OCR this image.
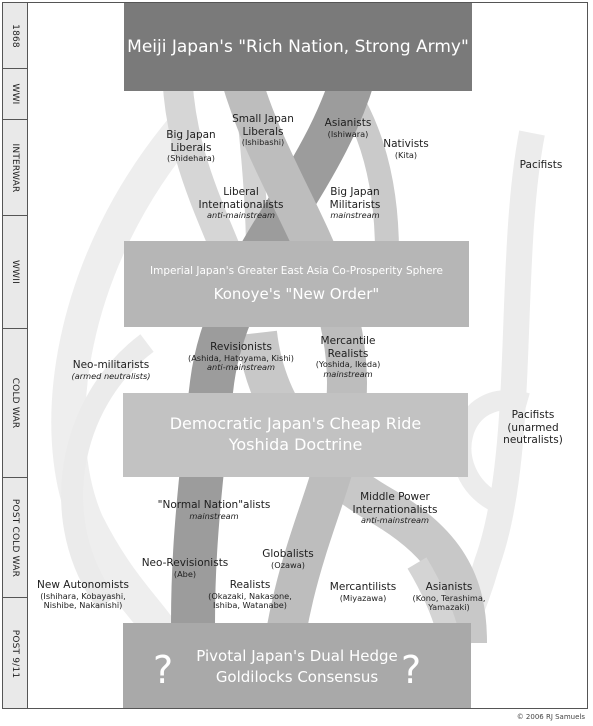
1868
WWI
INTERWAR
WWII
COLD WAR
POST COLD WAR
POST 9/11
Meiji Japan's "Rich Nation, Strong Army"
Imperial Japan's Greater East Asia Co-Prosperity Sphere
Konoye's "New Order"
Democratic Japan's Cheap Ride
Yoshida Doctrine
Pivotal Japan's Dual Hedge
Goldilocks Consensus
?	?
Big Japan
Liberals
(Shidehara)
Small Japan
Liberals
(Ishibashi)
Asianists
(Ishiwara)
Nativists
(Kita)
Pacifists
Liberal
Internationalists
anti-mainstream
Big Japan
Militarists
mainstream
Neo-militarists
(armed neutralists)
Revisionists
(Ashida, Hatoyama, Kishi)
anti-mainstream
Mercantile
Realists
(Yoshida, Ikeda)
mainstream
Pacifists
(unarmed
neutralists)
"Normal Nation"alists
mainstream
Middle Power
Internationalists
anti-mainstream
Neo-Revisionists
(Abe)
Globalists
(Ozawa)
New Autonomists
(Ishihara, Kobayashi,
Nishibe, Nakanishi)
Realists
(Okazaki, Nakasone,
Ishiba, Watanabe)
Mercantilists
(Miyazawa)
Asianists
(Kono, Terashima,
Yamazaki)
© 2006 RJ Samuels
